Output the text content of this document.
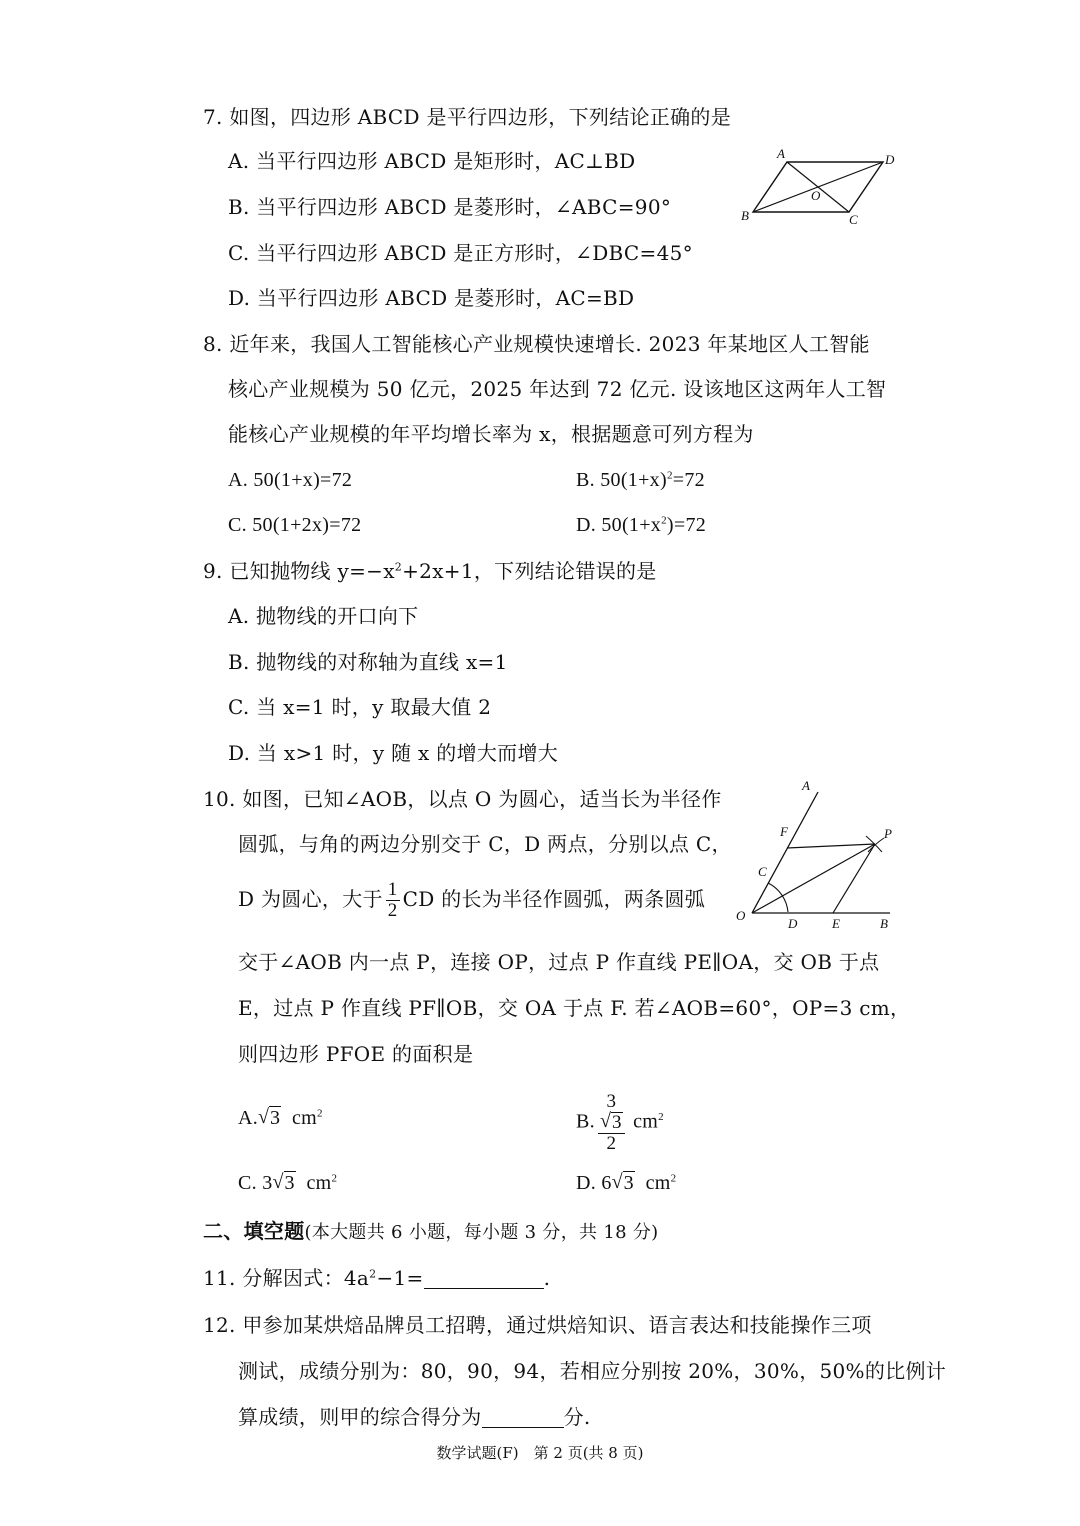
7. 如图，四边形 ABCD 是平行四边形，下列结论正确的是
A. 当平行四边形 ABCD 是矩形时，AC⊥BD
B. 当平行四边形 ABCD 是菱形时，∠ABC=90°
C. 当平行四边形 ABCD 是正方形时，∠DBC=45°
D. 当平行四边形 ABCD 是菱形时，AC=BD
A	D
O
B	C
8. 近年来，我国人工智能核心产业规模快速增长. 2023 年某地区人工智能
核心产业规模为 50 亿元，2025 年达到 72 亿元. 设该地区这两年人工智
能核心产业规模的年平均增长率为 x，根据题意可列方程为
A. 50(1+x)=72	B. $50(1+x)^2=72$
C. 50(1+2x)=72	D. $50(1+x^2)=72$
9. 已知抛物线 $y=-x^2+2x+1$，下列结论错误的是
A. 抛物线的开口向下
B. 抛物线的对称轴为直线 x=1
C. 当 x=1 时，y 取最大值 2
D. 当 x>1 时，y 随 x 的增大而增大
10. 如图，已知∠AOB，以点 O 为圆心，适当长为半径作
圆弧，与角的两边分别交于 C，D 两点，分别以点 C，
D 为圆心，大于 $\frac{1}{2}$ CD 的长为半径作圆弧，两条圆弧
交于∠AOB 内一点 P，连接 OP，过点 P 作直线 PE∥OA，交 OB 于点
E，过点 P 作直线 PF∥OB，交 OA 于点 F. 若∠AOB=60°，OP=3 cm，
则四边形 PFOE 的面积是
A
F	P
C
O
D	E	B
A. √ 3 $cm^2$	B. 3
√ 3
2 $cm^2$
C. 3 √ 3 $cm^2$	D. 6 √ 3 $cm^2$
二、填空题(本大题共 6 小题，每小题 3 分，共 18 分)
11. 分解因式：$4a^2-1=$	.
12. 甲参加某烘焙品牌员工招聘，通过烘焙知识、语言表达和技能操作三项
测试，成绩分别为：80，90，94，若相应分别按 20%，30%，50%的比例计
算成绩，则甲的综合得分为	分.
数学试题(F)　第 2 页(共 8 页)
